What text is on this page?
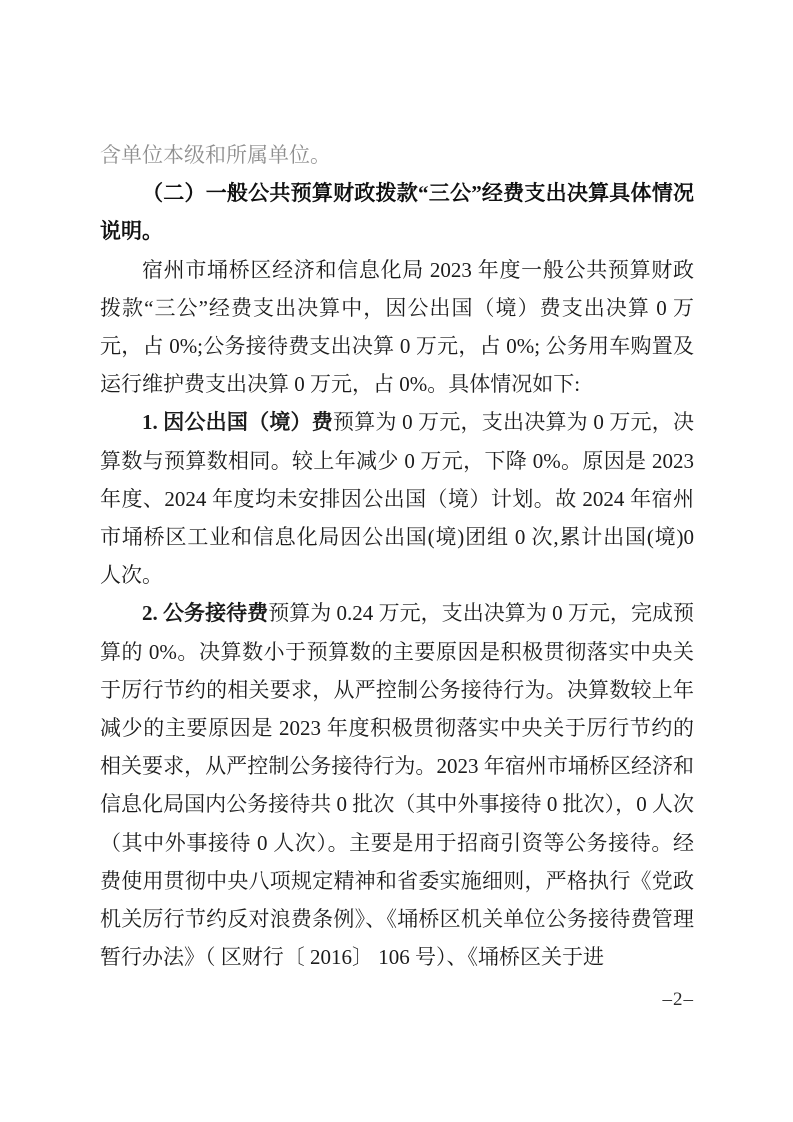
含单位本级和所属单位。

（二）一般公共预算财政拨款“三公”经费支出决算具体情况说明。

宿州市埇桥区经济和信息化局 2023 年度一般公共预算财政拨款“三公”经费支出决算中，因公出国（境）费支出决算 0 万元，占 0%;公务接待费支出决算 0 万元，占 0%; 公务用车购置及运行维护费支出决算 0 万元，占 0%。具体情况如下:

1. 因公出国（境）费预算为 0 万元，支出决算为 0 万元，决算数与预算数相同。较上年减少 0 万元，下降 0%。原因是 2023 年度、2024 年度均未安排因公出国（境）计划。故 2024 年宿州市埇桥区工业和信息化局因公出国(境)团组 0 次,累计出国(境)0 人次。

2. 公务接待费预算为 0.24 万元，支出决算为 0 万元，完成预算的 0%。决算数小于预算数的主要原因是积极贯彻落实中央关于厉行节约的相关要求，从严控制公务接待行为。决算数较上年减少的主要原因是 2023 年度积极贯彻落实中央关于厉行节约的相关要求，从严控制公务接待行为。2023 年宿州市埇桥区经济和信息化局国内公务接待共 0 批次（其中外事接待 0 批次），0 人次（其中外事接待 0 人次）。主要是用于招商引资等公务接待。经费使用贯彻中央八项规定精神和省委实施细则，严格执行《党政机关厉行节约反对浪费条例》、《埇桥区机关单位公务接待费管理暂行办法》（ 区财行〔 2016〕 106 号）、《埇桥区关于进

–2–
